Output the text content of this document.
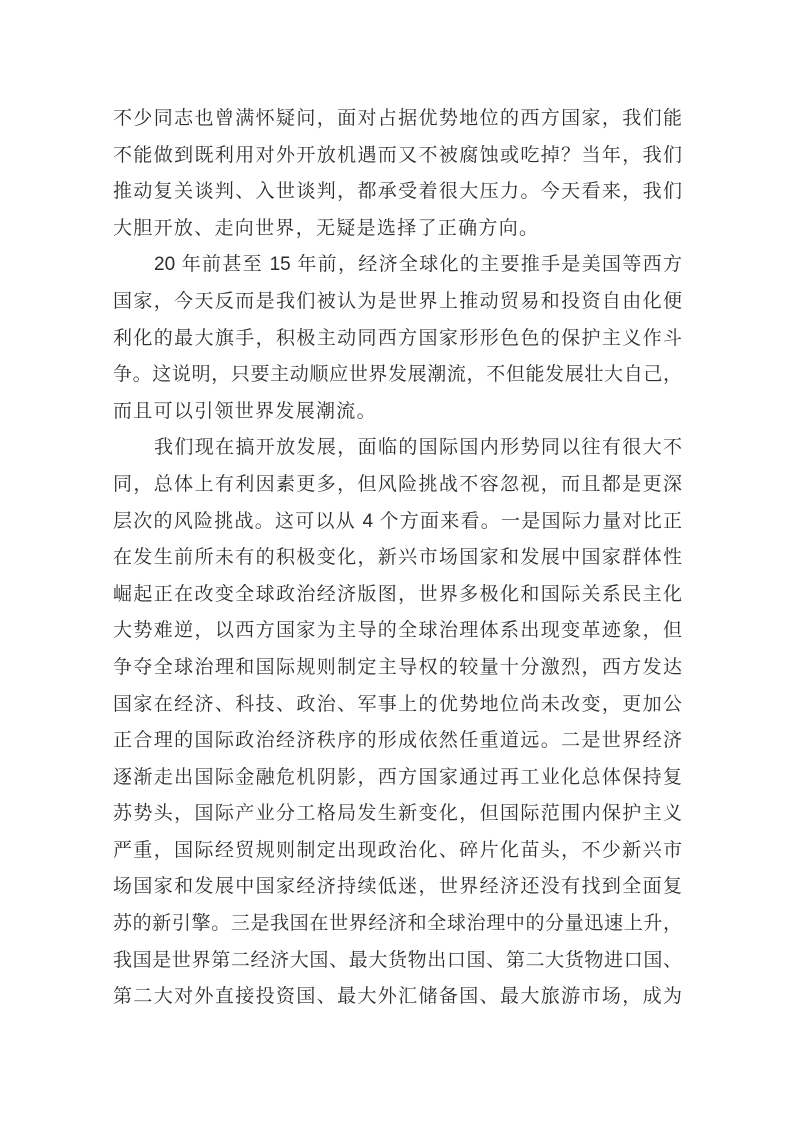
不少同志也曾满怀疑问，面对占据优势地位的西方国家，我们能
不能做到既利用对外开放机遇而又不被腐蚀或吃掉？当年，我们
推动复关谈判、入世谈判，都承受着很大压力。今天看来，我们
大胆开放、走向世界，无疑是选择了正确方向。
20 年前甚至 15 年前，经济全球化的主要推手是美国等西方
国家，今天反而是我们被认为是世界上推动贸易和投资自由化便
利化的最大旗手，积极主动同西方国家形形色色的保护主义作斗
争。这说明，只要主动顺应世界发展潮流，不但能发展壮大自己，
而且可以引领世界发展潮流。
我们现在搞开放发展，面临的国际国内形势同以往有很大不
同，总体上有利因素更多，但风险挑战不容忽视，而且都是更深
层次的风险挑战。这可以从 4 个方面来看。一是国际力量对比正
在发生前所未有的积极变化，新兴市场国家和发展中国家群体性
崛起正在改变全球政治经济版图，世界多极化和国际关系民主化
大势难逆，以西方国家为主导的全球治理体系出现变革迹象，但
争夺全球治理和国际规则制定主导权的较量十分激烈，西方发达
国家在经济、科技、政治、军事上的优势地位尚未改变，更加公
正合理的国际政治经济秩序的形成依然任重道远。二是世界经济
逐渐走出国际金融危机阴影，西方国家通过再工业化总体保持复
苏势头，国际产业分工格局发生新变化，但国际范围内保护主义
严重，国际经贸规则制定出现政治化、碎片化苗头，不少新兴市
场国家和发展中国家经济持续低迷，世界经济还没有找到全面复
苏的新引擎。三是我国在世界经济和全球治理中的分量迅速上升，
我国是世界第二经济大国、最大货物出口国、第二大货物进口国、
第二大对外直接投资国、最大外汇储备国、最大旅游市场，成为
